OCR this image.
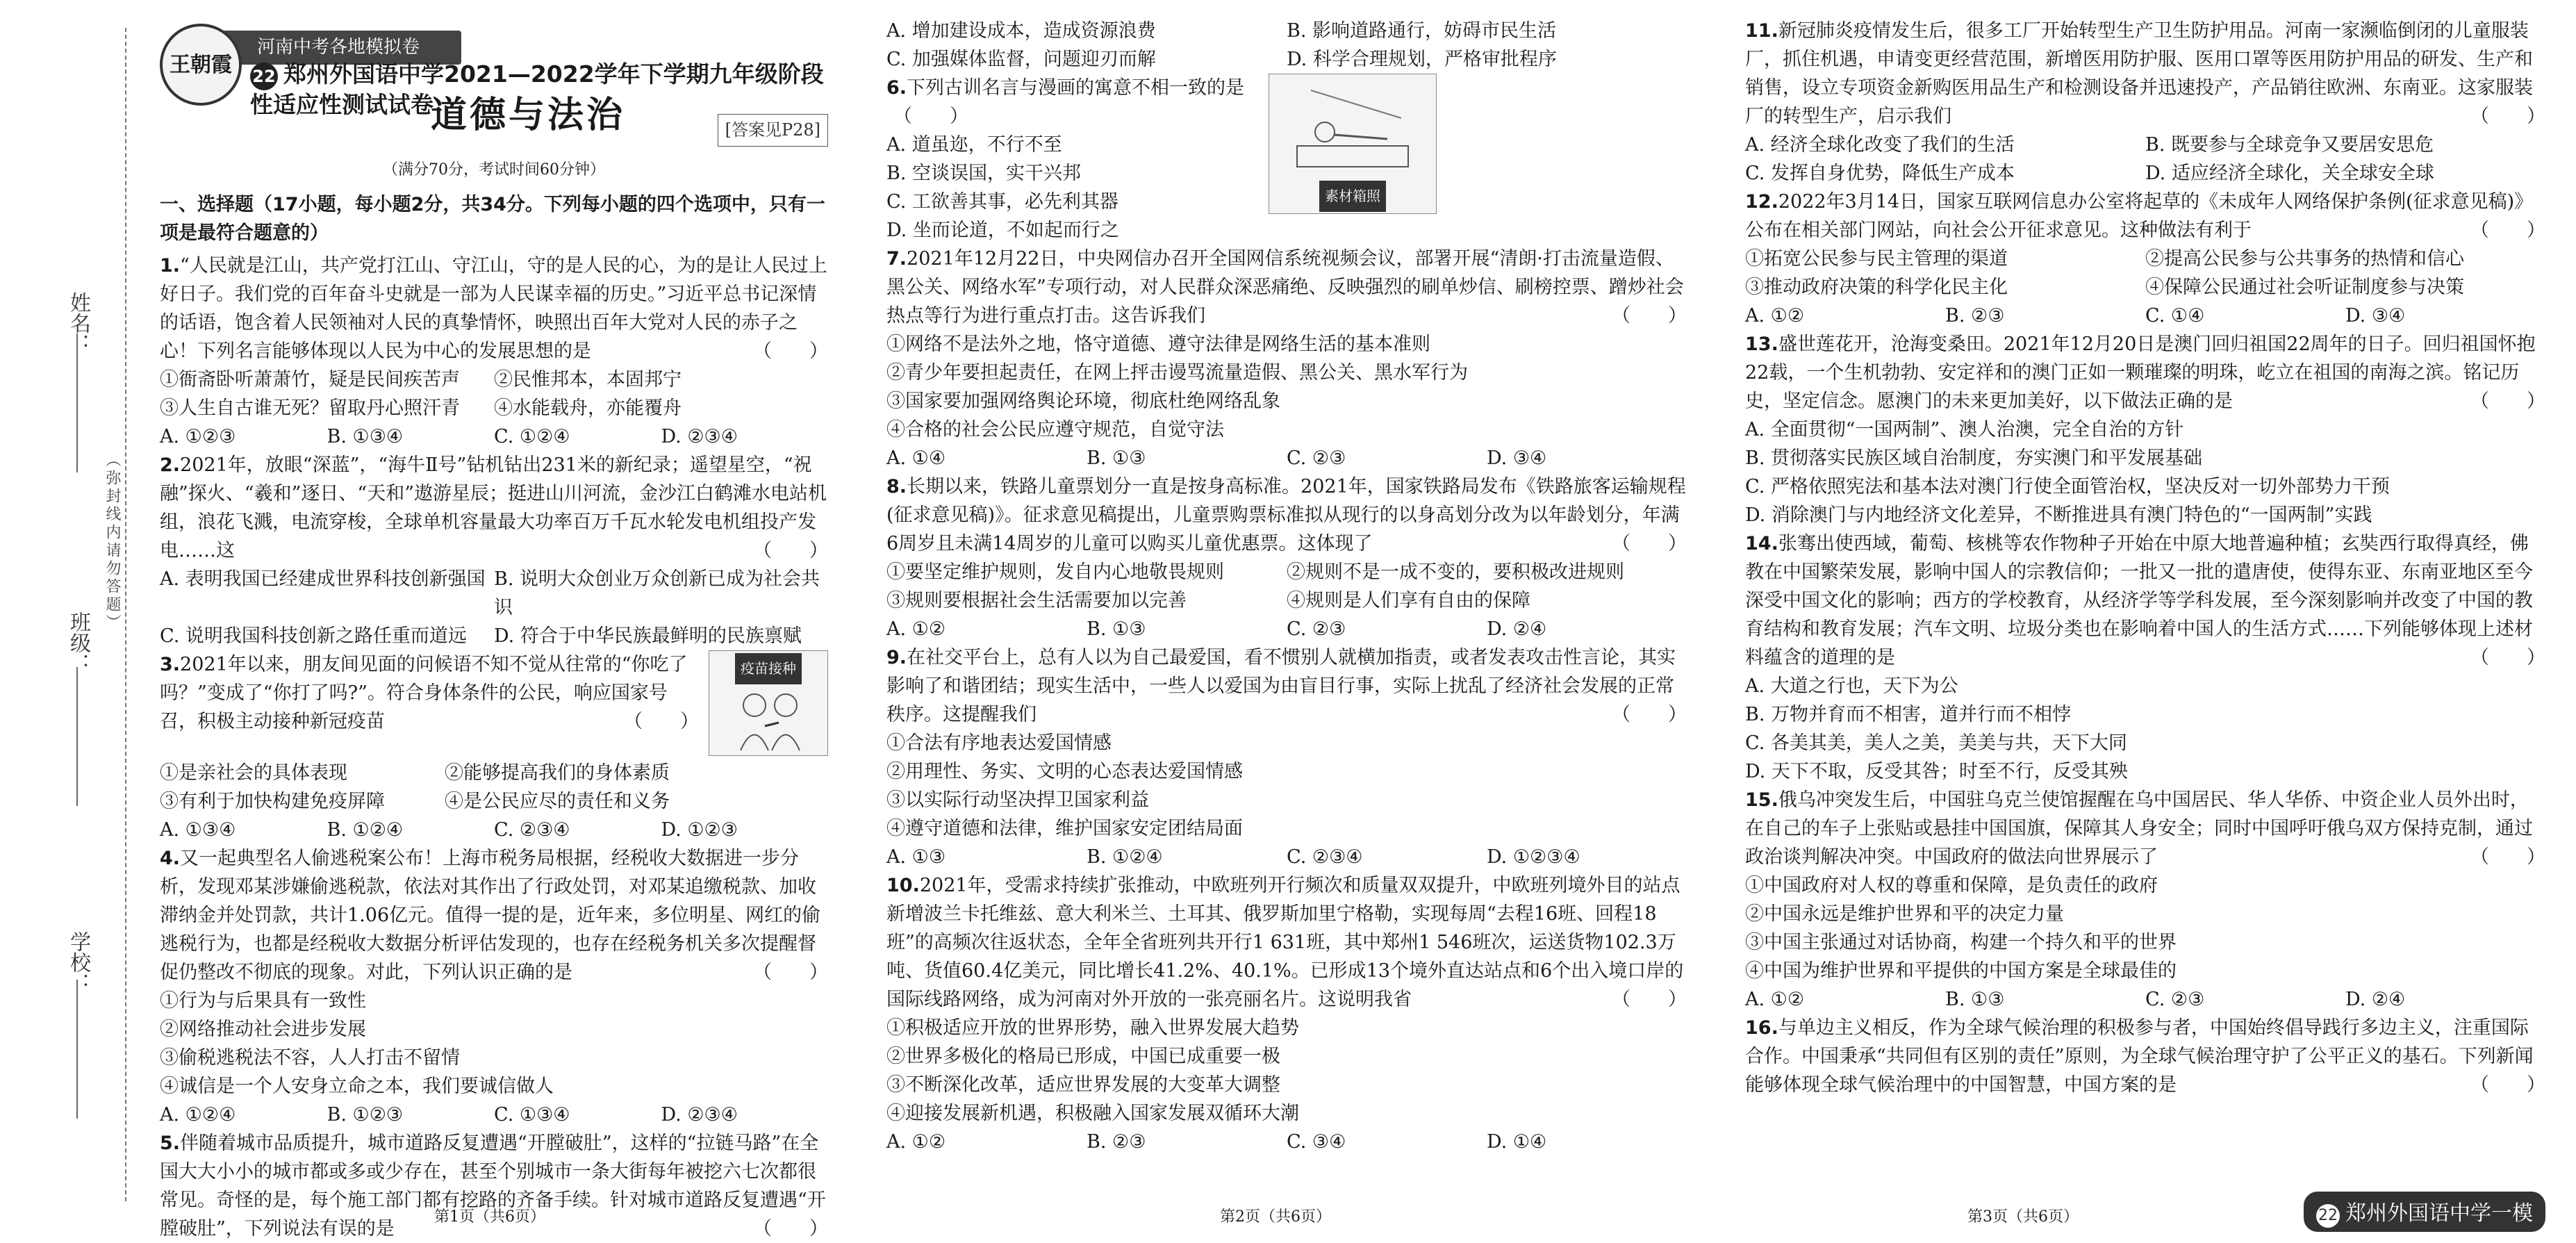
姓名：
（弥封线内请勿答题）
班级：
学校：
河南中考各地模拟卷
王朝霞	22 郑州外国语中学2021—2022学年下学期九年级阶段性适应性测试试卷
道德与法治	[答案见P28]
（满分70分，考试时间60分钟）
一、选择题（17小题，每小题2分，共34分。下列每小题的四个选项中，只有一项是最符合题意的）
1.“人民就是江山，共产党打江山、守江山，守的是人民的心，为的是让人民过上好日子。我们党的百年奋斗史就是一部为人民谋幸福的历史。”习近平总书记深情的话语，饱含着人民领袖对人民的真挚情怀，映照出百年大党对人民的赤子之心！下列名言能够体现以人民为中心的发展思想的是	（　　）
①衙斋卧听萧萧竹，疑是民间疾苦声	②民惟邦本，本固邦宁
③人生自古谁无死？留取丹心照汗青	④水能载舟，亦能覆舟
A. ①②③	B. ①③④	C. ①②④	D. ②③④
2.2021年，放眼“深蓝”，“海牛Ⅱ号”钻机钻出231米的新纪录；遥望星空，“祝融”探火、“羲和”逐日、“天和”遨游星辰；挺进山川河流，金沙江白鹤滩水电站机组，浪花飞溅，电流穿梭，全球单机容量最大功率百万千瓦水轮发电机组投产发电……这	（　　）
A. 表明我国已经建成世界科技创新强国 B. 说明大众创业万众创新已成为社会共识
C. 说明我国科技创新之路任重而道远	D. 符合于中华民族最鲜明的民族禀赋
疫苗接种
3.2021年以来，朋友间见面的问候语不知不觉从往常的“你吃了吗？”变成了“你打了吗?”。符合身体条件的公民，响应国家号召，积极主动接种新冠疫苗	（　　）
①是亲社会的具体表现	②能够提高我们的身体素质
③有利于加快构建免疫屏障	④是公民应尽的责任和义务
A. ①③④	B. ①②④	C. ②③④	D. ①②③
4.又一起典型名人偷逃税案公布！上海市税务局根据，经税收大数据进一步分析，发现邓某涉嫌偷逃税款，依法对其作出了行政处罚，对邓某追缴税款、加收滞纳金并处罚款，共计1.06亿元。值得一提的是，近年来，多位明星、网红的偷逃税行为，也都是经税收大数据分析评估发现的，也存在经税务机关多次提醒督促仍整改不彻底的现象。对此，下列认识正确的是	（　　）
①行为与后果具有一致性
②网络推动社会进步发展
③偷税逃税法不容，人人打击不留情
④诚信是一个人安身立命之本，我们要诚信做人
A. ①②④	B. ①②③	C. ①③④	D. ②③④
5.伴随着城市品质提升，城市道路反复遭遇“开膛破肚”，这样的“拉链马路”在全国大大小小的城市都或多或少存在，甚至个别城市一条大街每年被挖六七次都很常见。奇怪的是，每个施工部门都有挖路的齐备手续。针对城市道路反复遭遇“开膛破肚”，下列说法有误的是	（　　）
第1页（共6页）
A. 增加建设成本，造成资源浪费	B. 影响道路通行，妨碍市民生活
C. 加强媒体监督，问题迎刃而解	D. 科学合理规划，严格审批程序
素材箱照
6.下列古训名言与漫画的寓意不相一致的是（　　）
A. 道虽迩，不行不至
B. 空谈误国，实干兴邦
C. 工欲善其事，必先利其器
D. 坐而论道，不如起而行之
7.2021年12月22日，中央网信办召开全国网信系统视频会议，部署开展“清朗·打击流量造假、黑公关、网络水军”专项行动，对人民群众深恶痛绝、反映强烈的刷单炒信、刷榜控票、蹭炒社会热点等行为进行重点打击。这告诉我们	（　　）
①网络不是法外之地，恪守道德、遵守法律是网络生活的基本准则
②青少年要担起责任，在网上抨击谩骂流量造假、黑公关、黑水军行为
③国家要加强网络舆论环境，彻底杜绝网络乱象
④合格的社会公民应遵守规范，自觉守法
A. ①④	B. ①③	C. ②③	D. ③④
8.长期以来，铁路儿童票划分一直是按身高标准。2021年，国家铁路局发布《铁路旅客运输规程(征求意见稿)》。征求意见稿提出，儿童票购票标准拟从现行的以身高划分改为以年龄划分，年满6周岁且未满14周岁的儿童可以购买儿童优惠票。这体现了	（　　）
①要坚定维护规则，发自内心地敬畏规则	②规则不是一成不变的，要积极改进规则
③规则要根据社会生活需要加以完善	④规则是人们享有自由的保障
A. ①②	B. ①③	C. ②③	D. ②④
9.在社交平台上，总有人以为自己最爱国，看不惯别人就横加指责，或者发表攻击性言论，其实影响了和谐团结；现实生活中，一些人以爱国为由盲目行事，实际上扰乱了经济社会发展的正常秩序。这提醒我们	（　　）
①合法有序地表达爱国情感
②用理性、务实、文明的心态表达爱国情感
③以实际行动坚决捍卫国家利益
④遵守道德和法律，维护国家安定团结局面
A. ①③	B. ①②④	C. ②③④	D. ①②③④
10.2021年，受需求持续扩张推动，中欧班列开行频次和质量双双提升，中欧班列境外目的站点新增波兰卡托维兹、意大利米兰、土耳其、俄罗斯加里宁格勒，实现每周“去程16班、回程18班”的高频次往返状态，全年全省班列共开行1 631班，其中郑州1 546班次，运送货物102.3万吨、货值60.4亿美元，同比增长41.2%、40.1%。已形成13个境外直达站点和6个出入境口岸的国际线路网络，成为河南对外开放的一张亮丽名片。这说明我省	（　　）
①积极适应开放的世界形势，融入世界发展大趋势
②世界多极化的格局已形成，中国已成重要一极
③不断深化改革，适应世界发展的大变革大调整
④迎接发展新机遇，积极融入国家发展双循环大潮
A. ①②	B. ②③	C. ③④	D. ①④
第2页（共6页）
11.新冠肺炎疫情发生后，很多工厂开始转型生产卫生防护用品。河南一家濒临倒闭的儿童服装厂，抓住机遇，申请变更经营范围，新增医用防护服、医用口罩等医用防护用品的研发、生产和销售，设立专项资金新购医用品生产和检测设备并迅速投产，产品销往欧洲、东南亚。这家服装厂的转型生产，启示我们	（　　）
A. 经济全球化改变了我们的生活	B. 既要参与全球竞争又要居安思危
C. 发挥自身优势，降低生产成本	D. 适应经济全球化，关全球安全球
12.2022年3月14日，国家互联网信息办公室将起草的《未成年人网络保护条例(征求意见稿)》公布在相关部门网站，向社会公开征求意见。这种做法有利于	（　　）
①拓宽公民参与民主管理的渠道	②提高公民参与公共事务的热情和信心
③推动政府决策的科学化民主化	④保障公民通过社会听证制度参与决策
A. ①②	B. ②③	C. ①④	D. ③④
13.盛世莲花开，沧海变桑田。2021年12月20日是澳门回归祖国22周年的日子。回归祖国怀抱22载，一个生机勃勃、安定祥和的澳门正如一颗璀璨的明珠，屹立在祖国的南海之滨。铭记历史，坚定信念。愿澳门的未来更加美好，以下做法正确的是	（　　）
A. 全面贯彻“一国两制”、澳人治澳，完全自治的方针
B. 贯彻落实民族区域自治制度，夯实澳门和平发展基础
C. 严格依照宪法和基本法对澳门行使全面管治权，坚决反对一切外部势力干预
D. 消除澳门与内地经济文化差异，不断推进具有澳门特色的“一国两制”实践
14.张骞出使西域，葡萄、核桃等农作物种子开始在中原大地普遍种植；玄奘西行取得真经，佛教在中国繁荣发展，影响中国人的宗教信仰；一批又一批的遣唐使，使得东亚、东南亚地区至今深受中国文化的影响；西方的学校教育，从经济学等学科发展，至今深刻影响并改变了中国的教育结构和教育发展；汽车文明、垃圾分类也在影响着中国人的生活方式……下列能够体现上述材料蕴含的道理的是	（　　）
A. 大道之行也，天下为公
B. 万物并育而不相害，道并行而不相悖
C. 各美其美，美人之美，美美与共，天下大同
D. 天下不取，反受其咎；时至不行，反受其殃
15.俄乌冲突发生后，中国驻乌克兰使馆握醒在乌中国居民、华人华侨、中资企业人员外出时，在自己的车子上张贴或悬挂中国国旗，保障其人身安全；同时中国呼吁俄乌双方保持克制，通过政治谈判解决冲突。中国政府的做法向世界展示了	（　　）
①中国政府对人权的尊重和保障，是负责任的政府
②中国永远是维护世界和平的决定力量
③中国主张通过对话协商，构建一个持久和平的世界
④中国为维护世界和平提供的中国方案是全球最佳的
A. ①②	B. ①③	C. ②③	D. ②④
16.与单边主义相反，作为全球气候治理的积极参与者，中国始终倡导践行多边主义，注重国际合作。中国秉承“共同但有区别的责任”原则，为全球气候治理守护了公平正义的基石。下列新闻能够体现全球气候治理中的中国智慧，中国方案的是	（　　）
第3页（共6页）	22 郑州外国语中学一模
